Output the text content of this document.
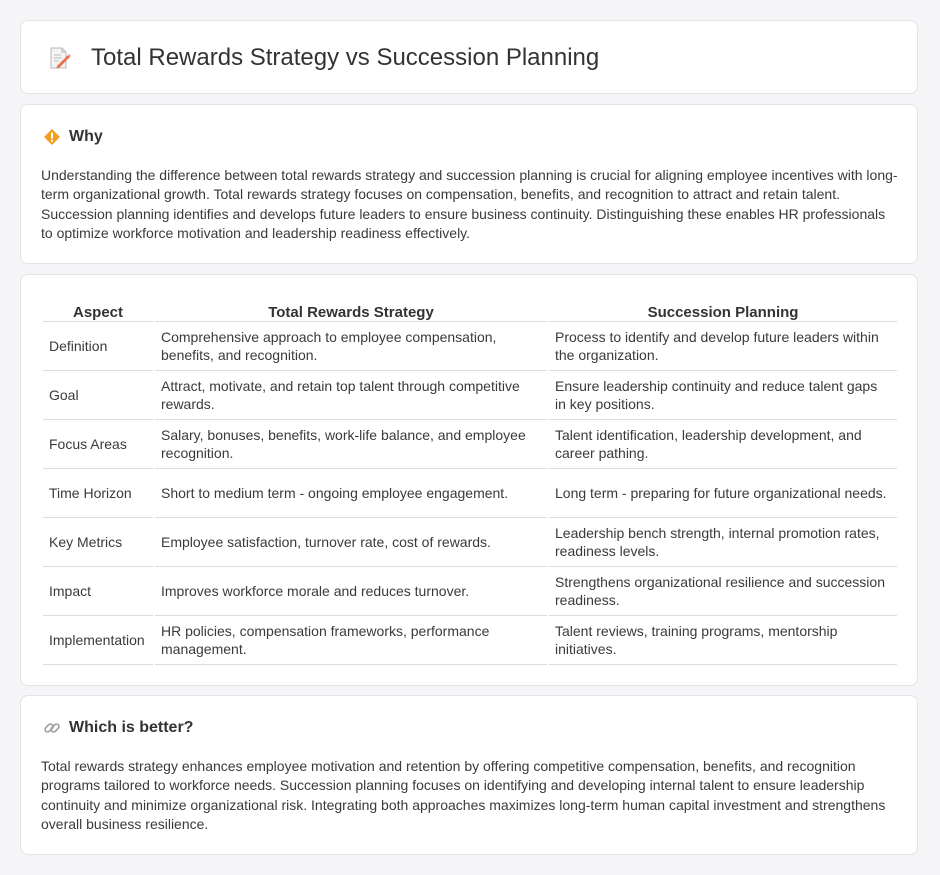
Total Rewards Strategy vs Succession Planning
Why

Understanding the difference between total rewards strategy and succession planning is crucial for aligning employee incentives with long-term organizational growth. Total rewards strategy focuses on compensation, benefits, and recognition to attract and retain talent. Succession planning identifies and develops future leaders to ensure business continuity. Distinguishing these enables HR professionals to optimize workforce motivation and leadership readiness effectively.

Aspect	Total Rewards Strategy	Succession Planning
Definition	Comprehensive approach to employee compensation, benefits, and recognition.	Process to identify and develop future leaders within the organization.
Goal	Attract, motivate, and retain top talent through competitive rewards.	Ensure leadership continuity and reduce talent gaps in key positions.
Focus Areas	Salary, bonuses, benefits, work-life balance, and employee recognition.	Talent identification, leadership development, and career pathing.
Time Horizon	Short to medium term - ongoing employee engagement.	Long term - preparing for future organizational needs.
Key Metrics	Employee satisfaction, turnover rate, cost of rewards.	Leadership bench strength, internal promotion rates, readiness levels.
Impact	Improves workforce morale and reduces turnover.	Strengthens organizational resilience and succession readiness.
Implementation	HR policies, compensation frameworks, performance management.	Talent reviews, training programs, mentorship initiatives.
Which is better?

Total rewards strategy enhances employee motivation and retention by offering competitive compensation, benefits, and recognition programs tailored to workforce needs. Succession planning focuses on identifying and developing internal talent to ensure leadership continuity and minimize organizational risk. Integrating both approaches maximizes long-term human capital investment and strengthens overall business resilience.
